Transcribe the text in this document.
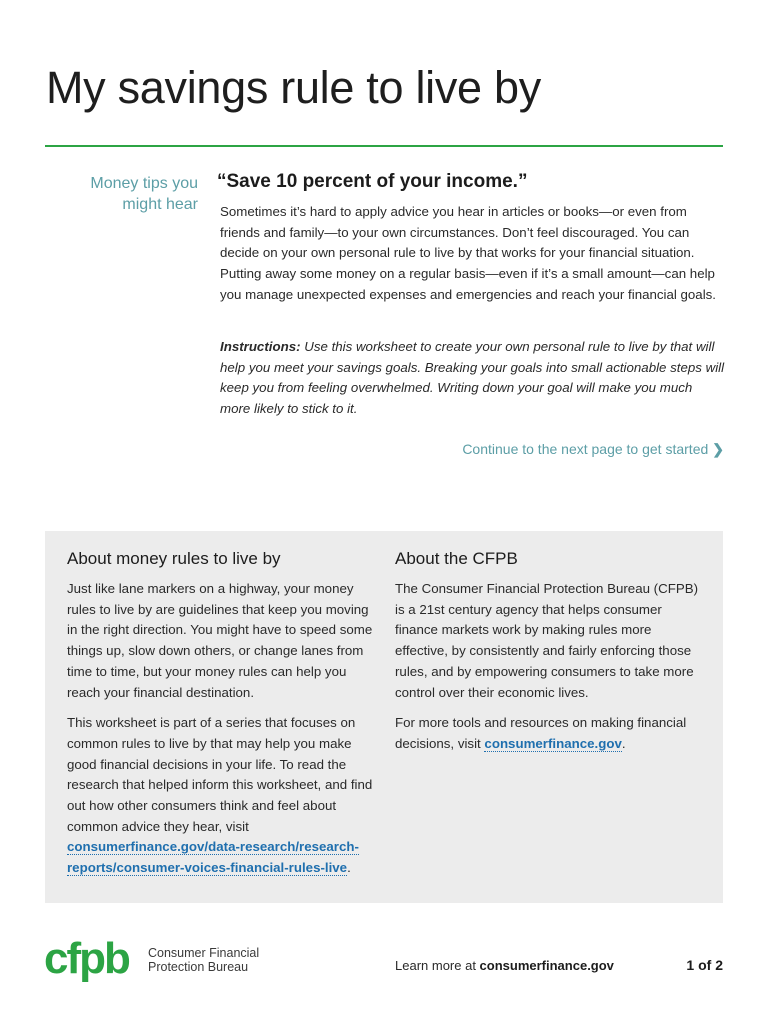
My savings rule to live by
Money tips you might hear
“Save 10 percent of your income.”

Sometimes it’s hard to apply advice you hear in articles or books—or even from friends and family—to your own circumstances. Don’t feel discouraged. You can decide on your own personal rule to live by that works for your financial situation. Putting away some money on a regular basis—even if it’s a small amount—can help you manage unexpected expenses and emergencies and reach your financial goals.

Instructions: Use this worksheet to create your own personal rule to live by that will help you meet your savings goals. Breaking your goals into small actionable steps will keep you from feeling overwhelmed. Writing down your goal will make you much more likely to stick to it.

Continue to the next page to get started ❯
About money rules to live by

Just like lane markers on a highway, your money rules to live by are guidelines that keep you moving in the right direction. You might have to speed some things up, slow down others, or change lanes from time to time, but your money rules can help you reach your financial destination.

This worksheet is part of a series that focuses on common rules to live by that may help you make good financial decisions in your life. To read the research that helped inform this worksheet, and find out how other consumers think and feel about common advice they hear, visit consumerfinance.gov/data-research/research-reports/consumer-voices-financial-rules-live.

About the CFPB

The Consumer Financial Protection Bureau (CFPB) is a 21st century agency that helps consumer finance markets work by making rules more effective, by consistently and fairly enforcing those rules, and by empowering consumers to take more control over their economic lives.

For more tools and resources on making financial decisions, visit consumerfinance.gov.

cfpb Consumer Financial
Protection Bureau	Learn more at consumerfinance.gov	1 of 2
